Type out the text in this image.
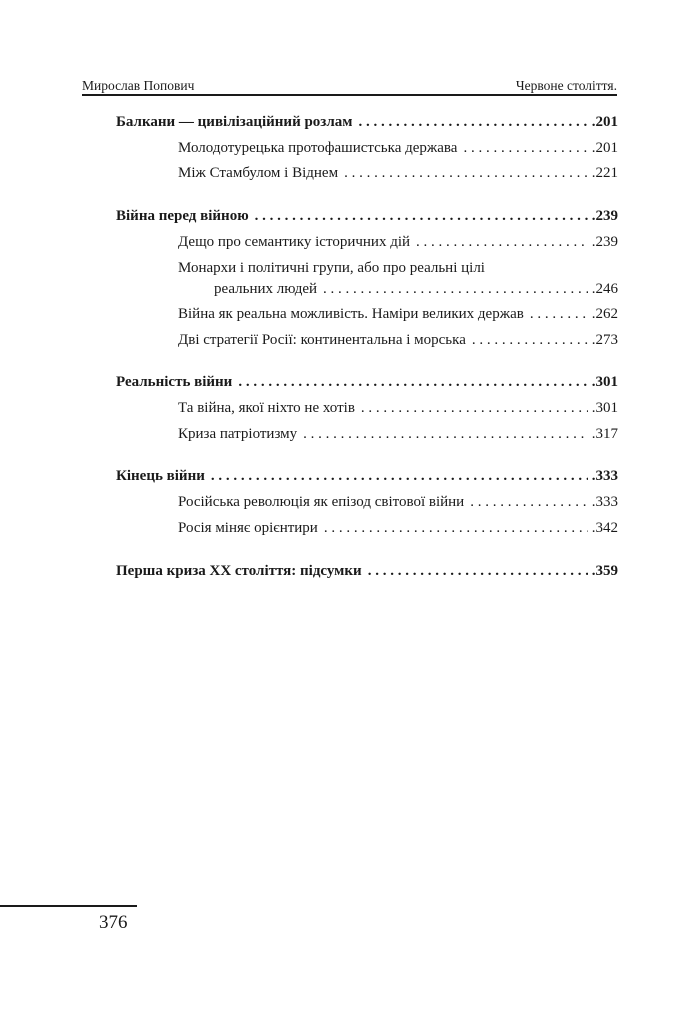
Мирослав Попович	Червоне століття.
Балкани — цивілізаційний розлам . . .	.201
Молодотурецька протофашистська держава . . .	.201
Між Стамбулом і Віднем . . .	.221
Війна перед війною . . .	.239
Дещо про семантику історичних дій . . .	.239
Монархи і політичні групи, або про реальні цілі
реальних людей . . .	.246
Війна як реальна можливість. Наміри великих держав . . .	.262
Дві стратегії Росії: континентальна і морська . . .	.273
Реальність війни . . .	.301
Та війна, якої ніхто не хотів . . .	.301
Криза патріотизму . . .	.317
Кінець війни . . .	.333
Російська революція як епізод світової війни . . .	.333
Росія міняє орієнтири . . .	.342
Перша криза XX століття: підсумки . . .	.359
376
